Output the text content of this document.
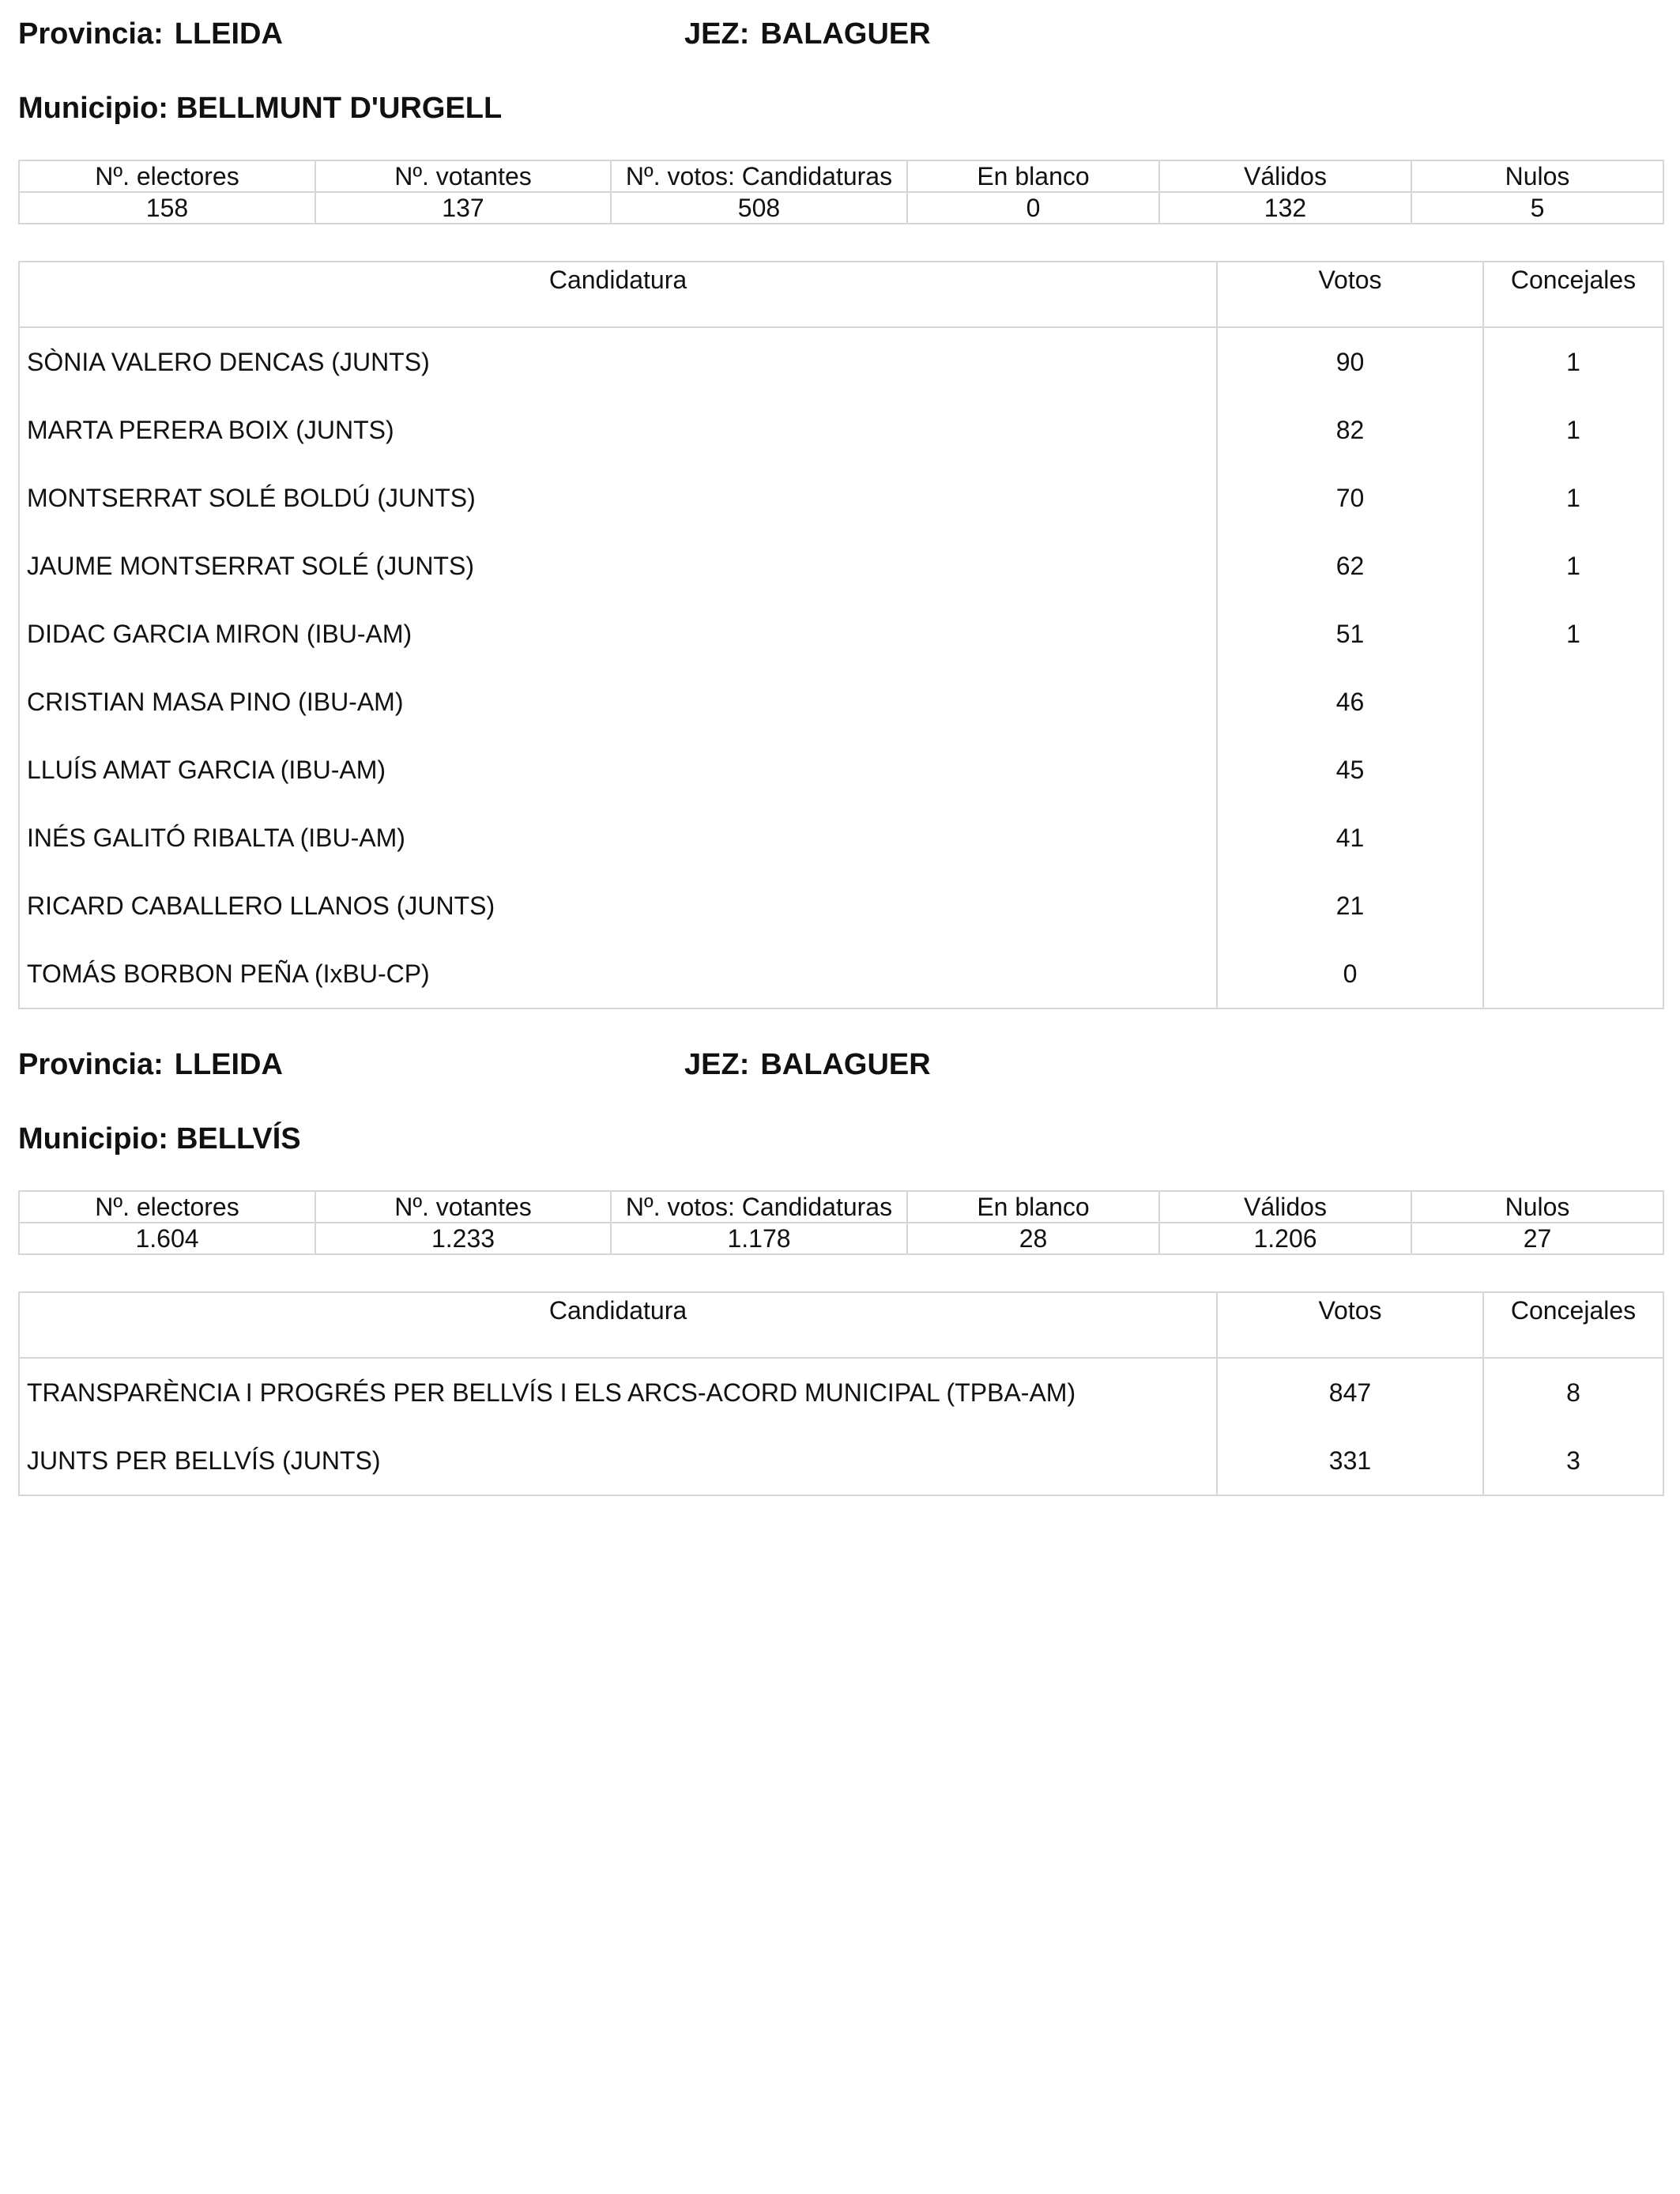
Provincia: LLEIDA	JEZ: BALAGUER
Municipio: BELLMUNT D'URGELL
Nº. electores	Nº. votantes	Nº. votos: Candidaturas	En blanco	Válidos	Nulos
158	137	508	0	132	5
Candidatura	Votos	Concejales
SÒNIA VALERO DENCAS (JUNTS)	90	1
MARTA PERERA BOIX (JUNTS)	82	1
MONTSERRAT SOLÉ BOLDÚ (JUNTS)	70	1
JAUME MONTSERRAT SOLÉ (JUNTS)	62	1
DIDAC GARCIA MIRON (IBU-AM)	51	1
CRISTIAN MASA PINO (IBU-AM)	46	
LLUÍS AMAT GARCIA (IBU-AM)	45	
INÉS GALITÓ RIBALTA (IBU-AM)	41	
RICARD CABALLERO LLANOS (JUNTS)	21	
TOMÁS BORBON PEÑA (IxBU-CP)	0	
Provincia: LLEIDA	JEZ: BALAGUER
Municipio: BELLVÍS
Nº. electores	Nº. votantes	Nº. votos: Candidaturas	En blanco	Válidos	Nulos
1.604	1.233	1.178	28	1.206	27
Candidatura	Votos	Concejales
TRANSPARÈNCIA I PROGRÉS PER BELLVÍS I ELS ARCS-ACORD MUNICIPAL (TPBA-AM)	847	8
JUNTS PER BELLVÍS (JUNTS)	331	3
